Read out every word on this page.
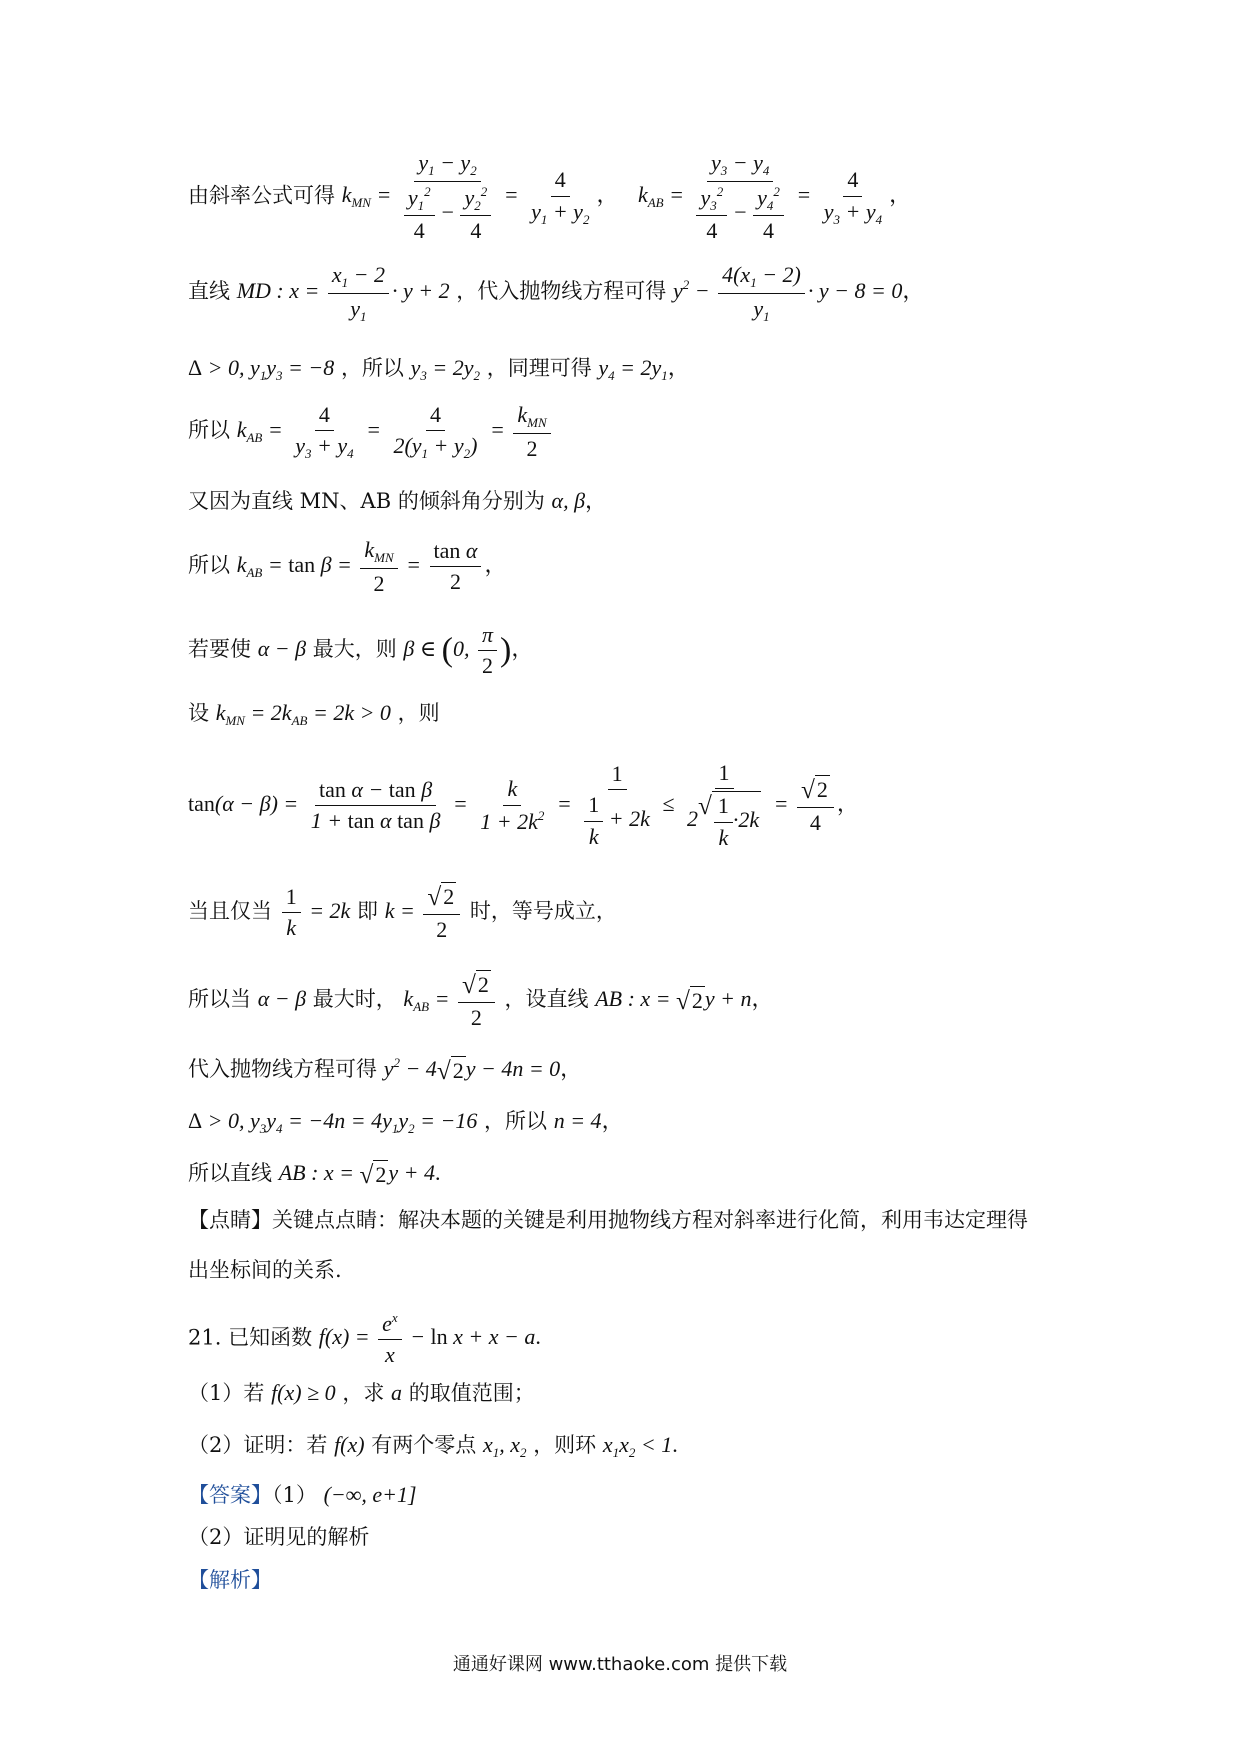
由斜率公式可得 $k_{MN} = \frac{y_1 - y_2}{\frac{y_1^2}{4} - \frac{y_2^2}{4}} = \frac{4}{y_1 + y_2}$ ， $k_{AB} = \frac{y_3 - y_4}{\frac{y_3^2}{4} - \frac{y_4^2}{4}} = \frac{4}{y_3 + y_4}$ ，
直线 MD : $x = \frac{x_1 - 2}{y_1} \cdot y + 2$ ，代入抛物线方程可得 $y^2 - \frac{4(x_1 - 2)}{y_1} \cdot y - 8 = 0$，
Δ > 0, $y_1y_3 = -8$ ，所以 $y_3 = 2y_2$ ，同理可得 $y_4 = 2y_1$，
所以 $k_{AB} = \frac{4}{y_3 + y_4} = \frac{4}{2(y_1 + y_2)} = \frac{k_{MN}}{2}$
又因为直线 MN、AB 的倾斜角分别为 α, β，
所以 $k_{AB} = \tan \beta = \frac{k_{MN}}{2} = \frac{\text{tan α}}{2}$ ，
若要使 α − β 最大，则 β ∈ (0, $\frac{\pi}{2}$ )，
设 $k_{MN} = 2k_{AB} = 2k > 0$ ，则
$\tan(\alpha - \beta) = \frac{\text{tan α − tan β}}{\text{1 + tan α tan β}} = \frac{k}{1 + 2k^2} = \frac{1}{\frac{1}{k} + 2k} \le \frac{1}{2 √ \frac{1}{k} \cdot 2k} = \frac{√ 2}{4}$ ，
当且仅当 $\frac{1}{k} = 2k$ 即 $k = \frac{√ 2}{2}$ 时，等号成立，
所以当 α − β 最大时， $k_{AB} = \frac{√ 2}{2}$ ，设直线 AB : x = √ 2 y + n，
代入抛物线方程可得 $y^2 - 4$ √ 2 y − 4n = 0，
Δ > 0, $y_3y_4 = -4n = 4y_1y_2 = -16$ ，所以 n = 4，
所以直线 AB : x = √ 2 y + 4.
【点睛】关键点点睛：解决本题的关键是利用抛物线方程对斜率进行化简，利用韦达定理得
出坐标间的关系.
21. 已知函数 $f(x) = \frac{e^x}{x} - \ln x + x - a$.
（1）若 f(x) ≥ 0 ，求 a 的取值范围；
（2）证明：若 f(x) 有两个零点 $x_1$, $x_2$ ，则环 $x_1x_2 < 1$.
【答案】（1） (−∞, e+1]
（2）证明见的解析
【解析】
通通好课网 www.tthaoke.com 提供下载
